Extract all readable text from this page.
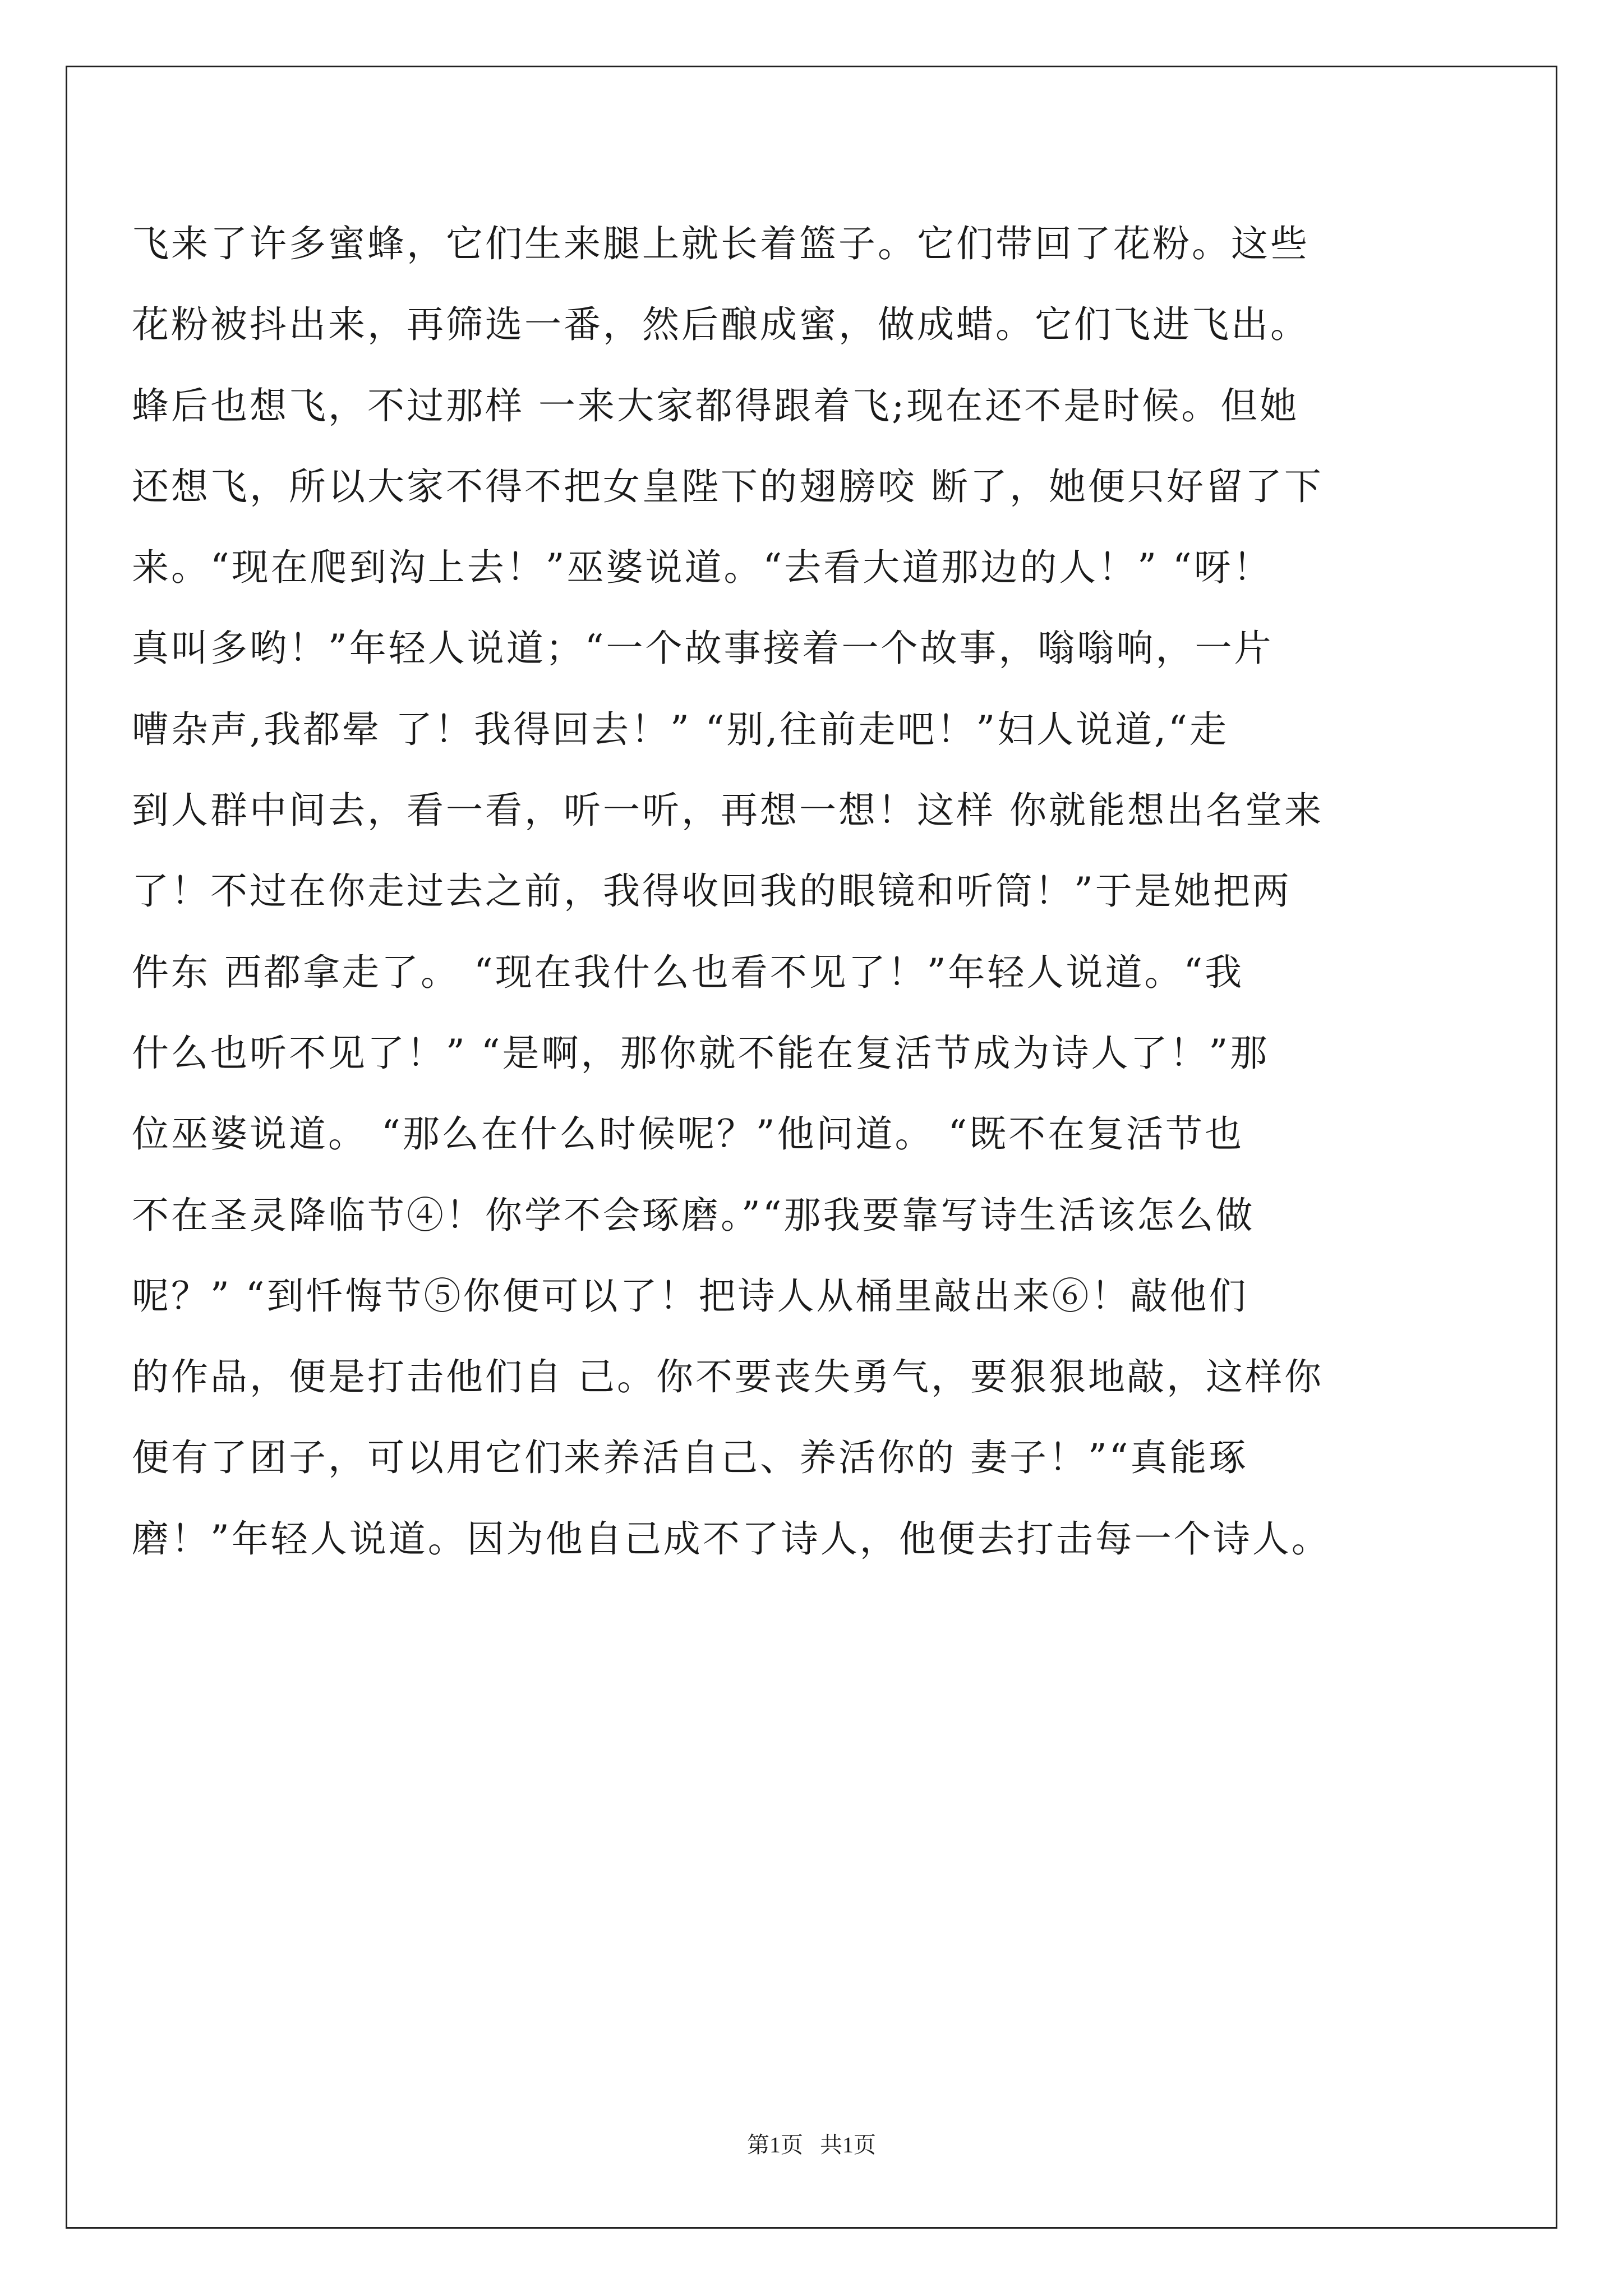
飞来了许多蜜蜂，它们生来腿上就长着篮子。它们带回了花粉。这些
花粉被抖出来，再筛选一番，然后酿成蜜，做成蜡。它们飞进飞出。
蜂后也想飞，不过那样 一来大家都得跟着飞;现在还不是时候。但她
还想飞，所以大家不得不把女皇陛下的翅膀咬 断了，她便只好留了下
来。“现在爬到沟上去！”巫婆说道。“去看大道那边的人！” “呀！
真叫多哟！”年轻人说道；“一个故事接着一个故事，嗡嗡响，一片
嘈杂声,我都晕 了！我得回去！” “别,往前走吧！”妇人说道,“走
到人群中间去，看一看，听一听，再想一想！这样 你就能想出名堂来
了！不过在你走过去之前，我得收回我的眼镜和听筒！”于是她把两
件东 西都拿走了。 “现在我什么也看不见了！”年轻人说道。“我
什么也听不见了！” “是啊，那你就不能在复活节成为诗人了！”那
位巫婆说道。 “那么在什么时候呢？”他问道。 “既不在复活节也
不在圣灵降临节④！你学不会琢磨。”“那我要靠写诗生活该怎么做
呢？” “到忏悔节⑤你便可以了！把诗人从桶里敲出来⑥！敲他们
的作品，便是打击他们自 己。你不要丧失勇气，要狠狠地敲，这样你
便有了团子，可以用它们来养活自己、养活你的 妻子！”“真能琢
磨！”年轻人说道。因为他自己成不了诗人，他便去打击每一个诗人。
第1页   共1页
